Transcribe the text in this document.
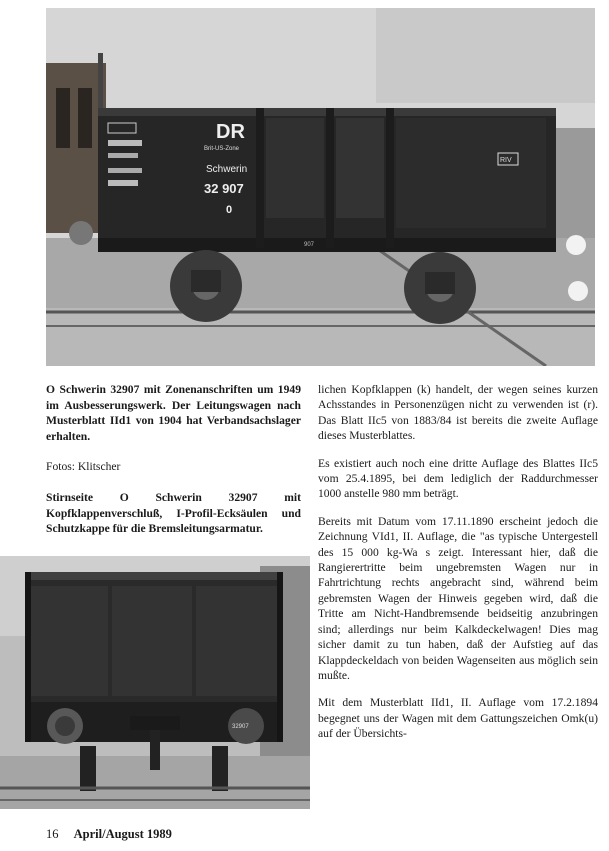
DR
Brit-US-Zone
Schwerin
32 907
0
RIV
907
32907

O Schwerin 32907 mit Zonenanschriften um 1949 im Ausbesserungswerk. Der Leitungswagen nach Musterblatt IId1 von 1904 hat Verbandsachslager erhalten.

Fotos: Klitscher

Stirnseite O Schwerin 32907 mit Kopfklappenverschluß, I-Profil-Ecksäulen und Schutzkappe für die Bremsleitungsarmatur.

lichen Kopfklappen (k) handelt, der wegen seines kurzen Achsstandes in Personenzügen nicht zu verwenden ist (r). Das Blatt IIc5 von 1883/84 ist bereits die zweite Auflage dieses Musterblattes.

Es existiert auch noch eine dritte Auflage des Blattes IIc5 vom 25.4.1895, bei dem lediglich der Raddurchmesser 1000 anstelle 980 mm beträgt.

Bereits mit Datum vom 17.11.1890 erscheint jedoch die Zeichnung VId1, II. Auflage, die "as typische Untergestell des 15 000 kg-Wa s zeigt. Interessant hier, daß die Rangierertritte beim ungebremsten Wagen nur in Fahrtrichtung rechts angebracht sind, während beim gebremsten Wagen der Hinweis gegeben wird, daß die Tritte am Nicht-Handbremsende beidseitig anzubringen sind; allerdings nur beim Kalkdeckelwagen! Dies mag sicher damit zu tun haben, daß der Aufstieg auf das Klappdeckeldach von beiden Wagenseiten aus möglich sein mußte.

Mit dem Musterblatt IId1, II. Auflage vom 17.2.1894 begegnet uns der Wagen mit dem Gattungszeichen Omk(u) auf der Übersichts-

16 April/August 1989
